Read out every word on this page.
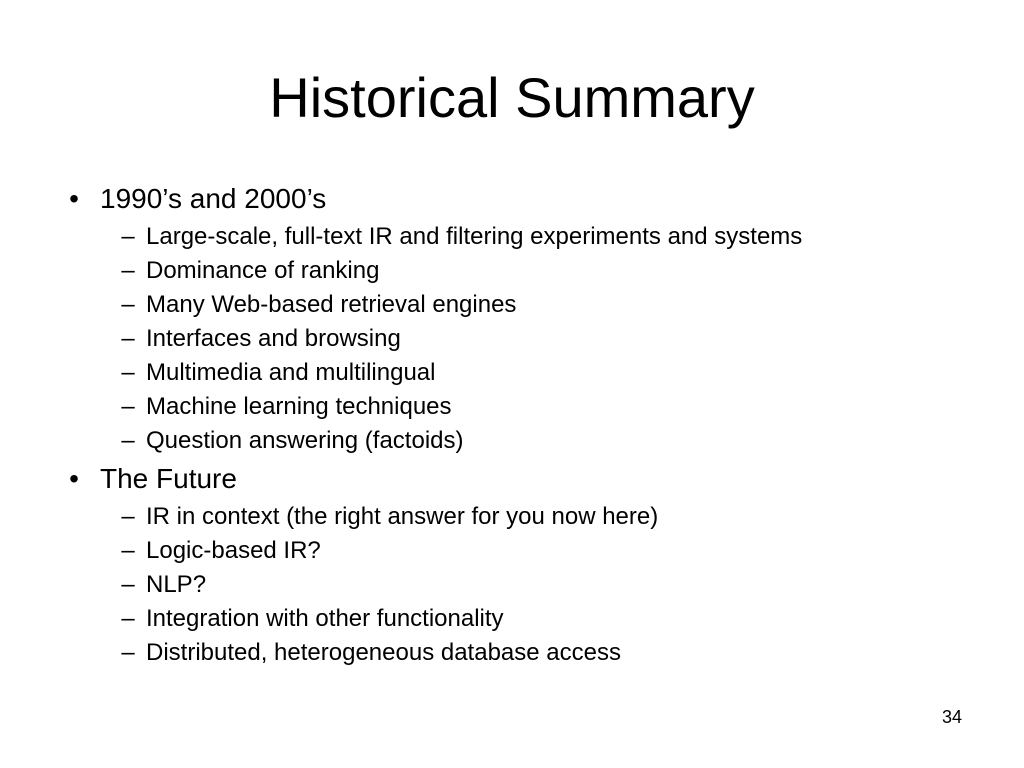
Historical Summary
• 1990’s and 2000’s
– Large-scale, full-text IR and filtering experiments and systems
– Dominance of ranking
– Many Web-based retrieval engines
– Interfaces and browsing
– Multimedia and multilingual
– Machine learning techniques
– Question answering (factoids)
• The Future
– IR in context (the right answer for you now here)
– Logic-based IR?
– NLP?
– Integration with other functionality
– Distributed, heterogeneous database access
34
